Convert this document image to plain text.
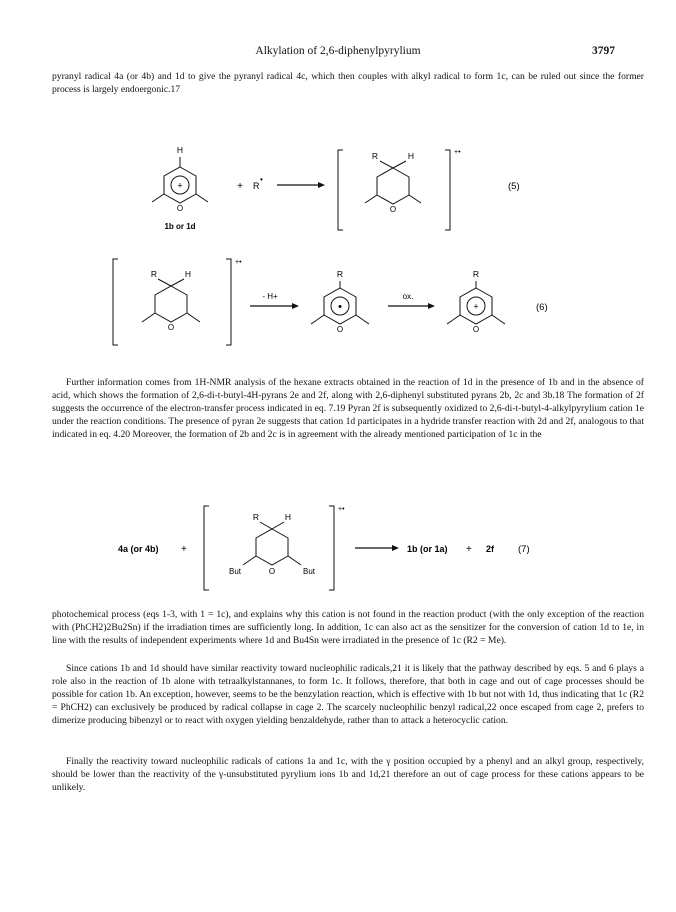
Alkylation of 2,6-diphenylpyrylium	3797

pyranyl radical 4a (or 4b) and 1d to give the pyranyl radical 4c, which then couples with alkyl radical to form 1c, can be ruled out since the former process is largely endoergonic.17

H
+
O
1b or 1d
+ R
•
R	H
O
+•
(5)
R	H
O
+•
- H+
R
•
O
ox.
R
+
O
(6)

Further information comes from 1H-NMR analysis of the hexane extracts obtained in the reaction of 1d in the presence of 1b and in the absence of acid, which shows the formation of 2,6-di-t-butyl-4H-pyrans 2e and 2f, along with 2,6-diphenyl substituted pyrans 2b, 2c and 3b.18 The formation of 2f suggests the occurrence of the electron-transfer process indicated in eq. 7.19 Pyran 2f is subsequently oxidized to 2,6-di-t-butyl-4-alkylpyrylium cation 1e under the reaction conditions. The presence of pyran 2e suggests that cation 1d participates in a hydride transfer reaction with 2d and 2f, analogous to that indicated in eq. 4.20 Moreover, the formation of 2b and 2c is in agreement with the already mentioned participation of 1c in the

4a (or 4b) +
R	H
But	But
O
+•
1b (or 1a) + 2f	(7)

photochemical process (eqs 1-3, with 1 = 1c), and explains why this cation is not found in the reaction product (with the only exception of the reaction with (PhCH2)2Bu2Sn) if the irradiation times are sufficiently long. In addition, 1c can also act as the sensitizer for the conversion of cation 1d to 1e, in line with the results of independent experiments where 1d and Bu4Sn were irradiated in the presence of 1c (R2 = Me).

Since cations 1b and 1d should have similar reactivity toward nucleophilic radicals,21 it is likely that the pathway described by eqs. 5 and 6 plays a role also in the reaction of 1b alone with tetraalkylstannanes, to form 1c. It follows, therefore, that both in cage and out of cage processes should be possible for cation 1b. An exception, however, seems to be the benzylation reaction, which is effective with 1b but not with 1d, thus indicating that 1c (R2 = PhCH2) can exclusively be produced by radical collapse in cage 2. The scarcely nucleophilic benzyl radical,22 once escaped from cage 2, prefers to dimerize producing bibenzyl or to react with oxygen yielding benzaldehyde, rather than to attack a heterocyclic cation.

Finally the reactivity toward nucleophilic radicals of cations 1a and 1c, with the γ position occupied by a phenyl and an alkyl group, respectively, should be lower than the reactivity of the γ-unsubstituted pyrylium ions 1b and 1d,21 therefore an out of cage process for these cations appears to be unlikely.
